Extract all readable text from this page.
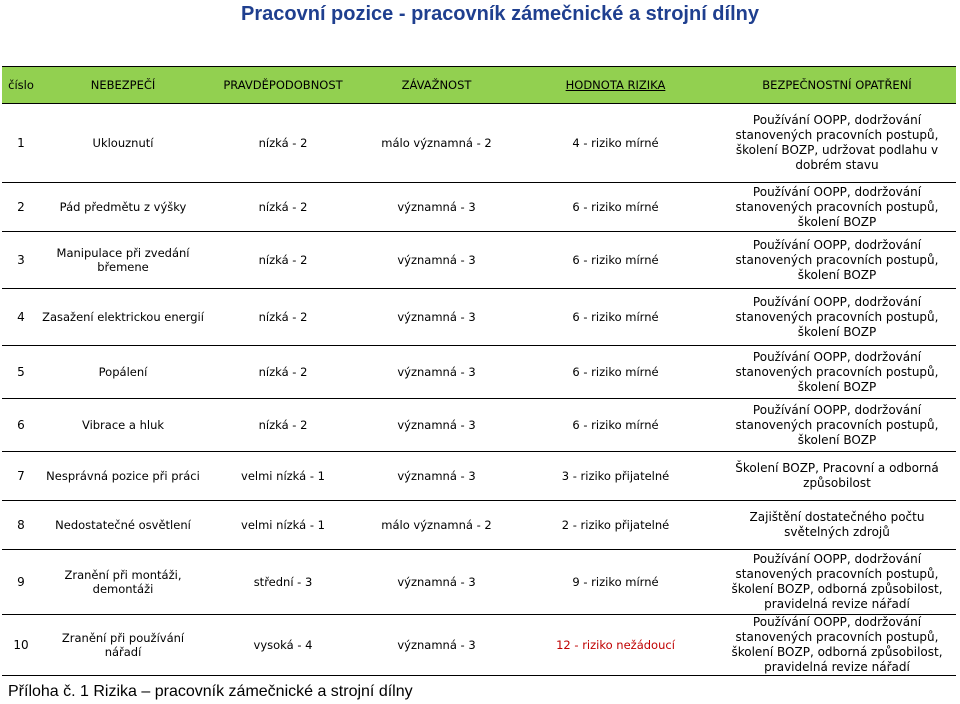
Pracovní pozice - pracovník zámečnické a strojní dílny
číslo	NEBEZPEČÍ	PRAVDĚPODOBNOST	ZÁVAŽNOST	HODNOTA RIZIKA	BEZPEČNOSTNÍ OPATŘENÍ
1	Uklouznutí	nízká - 2	málo významná - 2	4 - riziko mírné	Používání OOPP, dodržování stanovených pracovních postupů, školení BOZP, udržovat podlahu v dobrém stavu
2	Pád předmětu z výšky	nízká - 2	významná - 3	6 - riziko mírné	Používání OOPP, dodržování stanovených pracovních postupů, školení BOZP
3	Manipulace při zvedání břemene	nízká - 2	významná - 3	6 - riziko mírné	Používání OOPP, dodržování stanovených pracovních postupů, školení BOZP
4	Zasažení elektrickou energií	nízká - 2	významná - 3	6 - riziko mírné	Používání OOPP, dodržování stanovených pracovních postupů, školení BOZP
5	Popálení	nízká - 2	významná - 3	6 - riziko mírné	Používání OOPP, dodržování stanovených pracovních postupů, školení BOZP
6	Vibrace a hluk	nízká - 2	významná - 3	6 - riziko mírné	Používání OOPP, dodržování stanovených pracovních postupů, školení BOZP
7	Nesprávná pozice při práci	velmi nízká - 1	významná - 3	3 - riziko přijatelné	Školení BOZP, Pracovní a odborná způsobilost
8	Nedostatečné osvětlení	velmi nízká - 1	málo významná - 2	2 - riziko přijatelné	Zajištění dostatečného počtu světelných zdrojů
9	Zranění při montáži, demontáži	střední - 3	významná - 3	9 - riziko mírné	Používání OOPP, dodržování stanovených pracovních postupů, školení BOZP, odborná způsobilost, pravidelná revize nářadí
10	Zranění při používání nářadí	vysoká - 4	významná - 3	12 - riziko nežádoucí	Používání OOPP, dodržování stanovených pracovních postupů, školení BOZP, odborná způsobilost, pravidelná revize nářadí
Příloha č. 1 Rizika – pracovník zámečnické a strojní dílny
